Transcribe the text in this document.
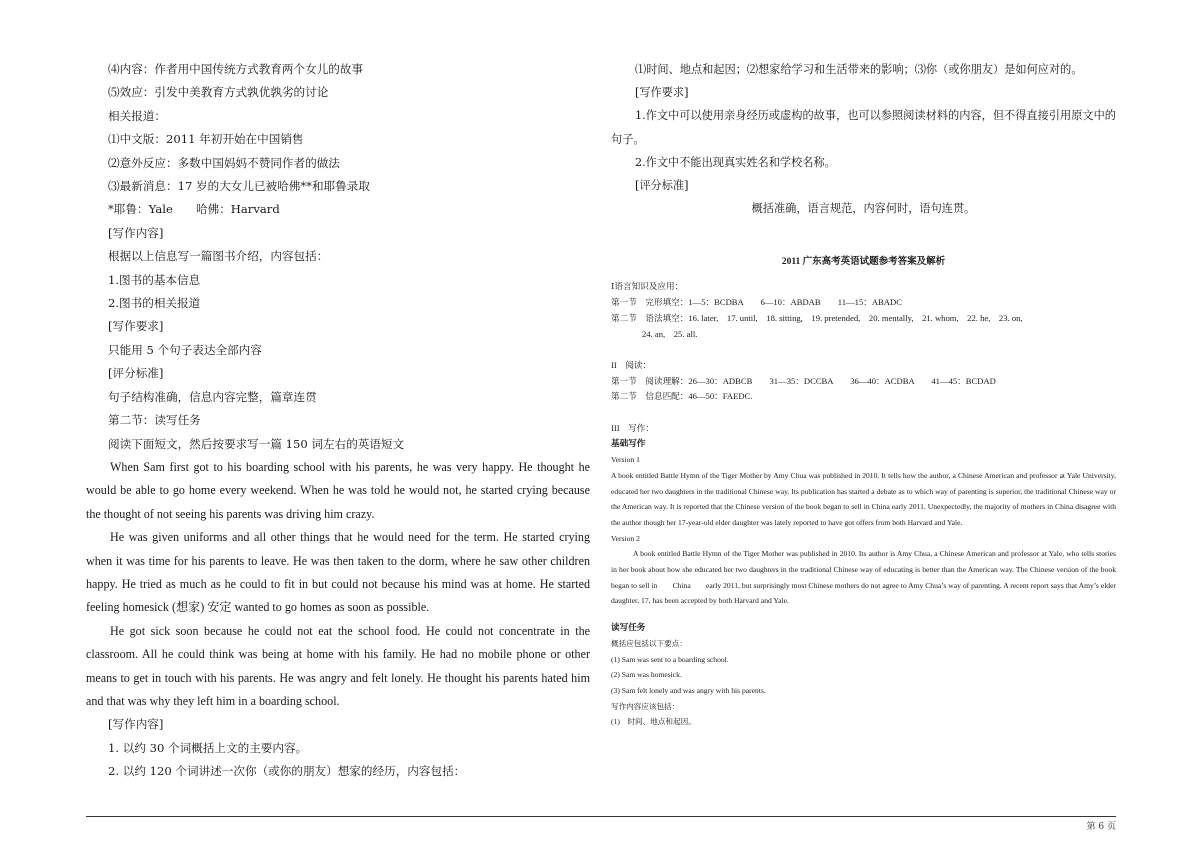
⑷内容：作者用中国传统方式教育两个女儿的故事
⑸效应：引发中美教育方式孰优孰劣的讨论
相关报道：
⑴中文版：2011 年初开始在中国销售
⑵意外反应：多数中国妈妈不赞同作者的做法
⑶最新消息：17 岁的大女儿已被哈佛**和耶鲁录取
*耶鲁：Yale　　哈佛：Harvard
[写作内容]
根据以上信息写一篇图书介绍，内容包括：
1.图书的基本信息
2.图书的相关报道
[写作要求]
只能用 5 个句子表达全部内容
[评分标准]
句子结构准确，信息内容完整，篇章连贯
第二节：读写任务
阅读下面短文，然后按要求写一篇 150 词左右的英语短文

When Sam first got to his boarding school with his parents, he was very happy. He thought he would be able to go home every weekend. When he was told he would not, he started crying because the thought of not seeing his parents was driving him crazy.

He was given uniforms and all other things that he would need for the term. He started crying when it was time for his parents to leave. He was then taken to the dorm, where he saw other children happy. He tried as much as he could to fit in but could not because his mind was at home. He started feeling homesick (想家) 安定 wanted to go homes as soon as possible.

He got sick soon because he could not eat the school food. He could not concentrate in the classroom. All he could think was being at home with his family. He had no mobile phone or other means to get in touch with his parents. He was angry and felt lonely. He thought his parents hated him and that was why they left him in a boarding school.

[写作内容]
1. 以约 30 个词概括上文的主要内容。
2. 以约 120 个词讲述一次你（或你的朋友）想家的经历，内容包括：
⑴时间、地点和起因；⑵想家给学习和生活带来的影响；⑶你（或你朋友）是如何应对的。
[写作要求]

1.作文中可以使用亲身经历或虚构的故事，也可以参照阅读材料的内容，但不得直接引用原文中的句子。

2.作文中不能出现真实姓名和学校名称。
[评分标准]
概括准确，语言规范，内容何时，语句连贯。
2011 广东高考英语试题参考答案及解析
Ⅰ语言知识及应用：
第一节　完形填空：1—5：BCDBA　　6—10：ABDAB　　11—15：ABADC
第二节　语法填空：16. later,　17. until,　18. sitting,　19. pretended,　20. mentally,　21. whom,　22. he,　23. on,
24. an,　25. all.
II　阅读：
第一节　阅读理解：26—30：ADBCB　　31—35：DCCBA　　36—40：ACDBA　　41—45：BCDAD
第二节　信息匹配：46—50：FAEDC.
III　写作：
基础写作
Version 1

A book entitled Battle Hymn of the Tiger Mother by Amy Chua was published in 2010. It tells how the author, a Chinese American and professor at Yale University, educated her two daughters in the traditional Chinese way. Its publication has started a debate as to which way of parenting is superior, the traditional Chinese way or the American way. It is reported that the Chinese version of the book began to sell in China early 2011. Unexpectedly, the majority of mothers in China disagree with the author though her 17-year-old elder daughter was lately reported to have got offers from both Harvard and Yale.

Version 2

A book entitled Battle Hymn of the Tiger Mother was published in 2010. Its author is Amy Chua, a Chinese American and professor at Yale, who tells stories in her book about how she educated her two daughters in the traditional Chinese way of educating is better than the American way. The Chinese version of the book began to sell in　　China　　early 2011, but surprisingly most Chinese mothers do not agree to Amy Chua’s way of parenting. A recent report says that Amy’s elder daughter, 17, has been accepted by both Harvard and Yale.

读写任务
概括应包括以下要点：
(1) Sam was sent to a boarding school.
(2) Sam was homesick.
(3) Sam felt lonely and was angry with his parents.
写作内容应该包括：
(1)　时间、地点和起因。
第 6 页
